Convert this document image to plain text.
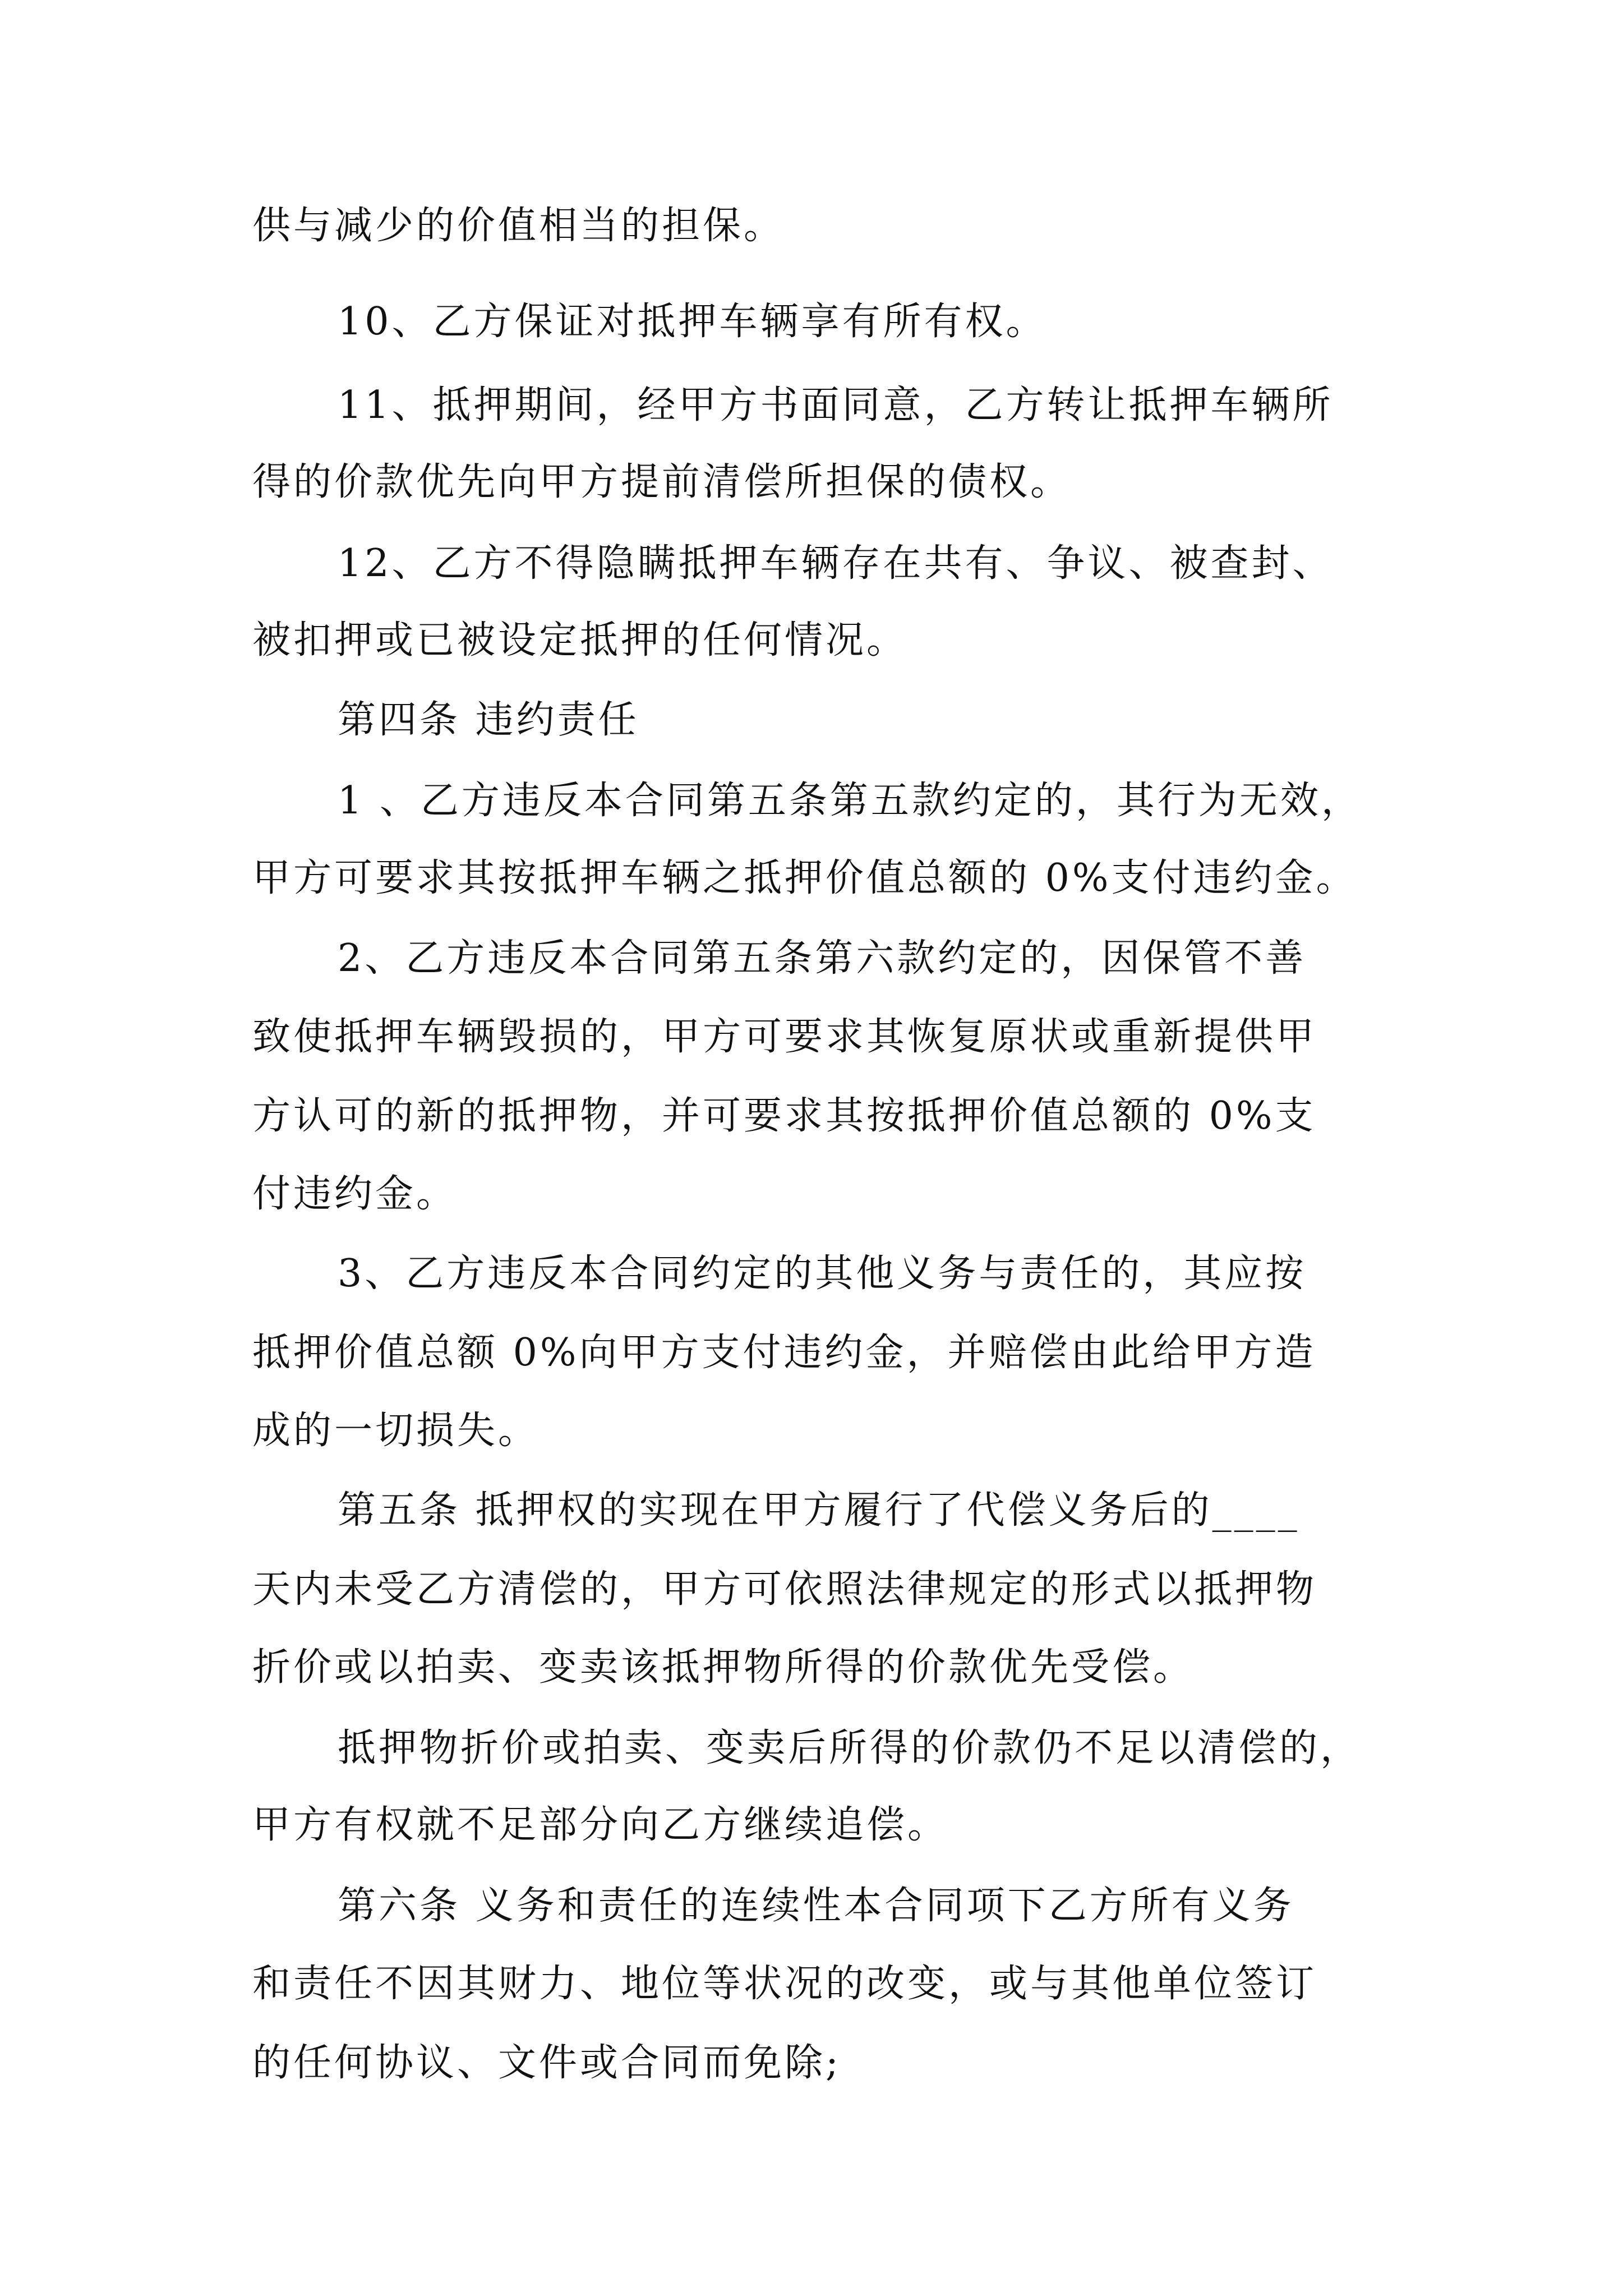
供与减少的价值相当的担保。
10、乙方保证对抵押车辆享有所有权。
11、抵押期间，经甲方书面同意，乙方转让抵押车辆所
得的价款优先向甲方提前清偿所担保的债权。
12、乙方不得隐瞒抵押车辆存在共有、争议、被查封、
被扣押或已被设定抵押的任何情况。
第四条 违约责任
1 、乙方违反本合同第五条第五款约定的，其行为无效，
甲方可要求其按抵押车辆之抵押价值总额的 0%支付违约金。
2、乙方违反本合同第五条第六款约定的，因保管不善
致使抵押车辆毁损的，甲方可要求其恢复原状或重新提供甲
方认可的新的抵押物，并可要求其按抵押价值总额的 0%支
付违约金。
3、乙方违反本合同约定的其他义务与责任的，其应按
抵押价值总额 0%向甲方支付违约金，并赔偿由此给甲方造
成的一切损失。
第五条 抵押权的实现在甲方履行了代偿义务后的____
天内未受乙方清偿的，甲方可依照法律规定的形式以抵押物
折价或以拍卖、变卖该抵押物所得的价款优先受偿。
抵押物折价或拍卖、变卖后所得的价款仍不足以清偿的，
甲方有权就不足部分向乙方继续追偿。
第六条 义务和责任的连续性本合同项下乙方所有义务
和责任不因其财力、地位等状况的改变，或与其他单位签订
的任何协议、文件或合同而免除;
